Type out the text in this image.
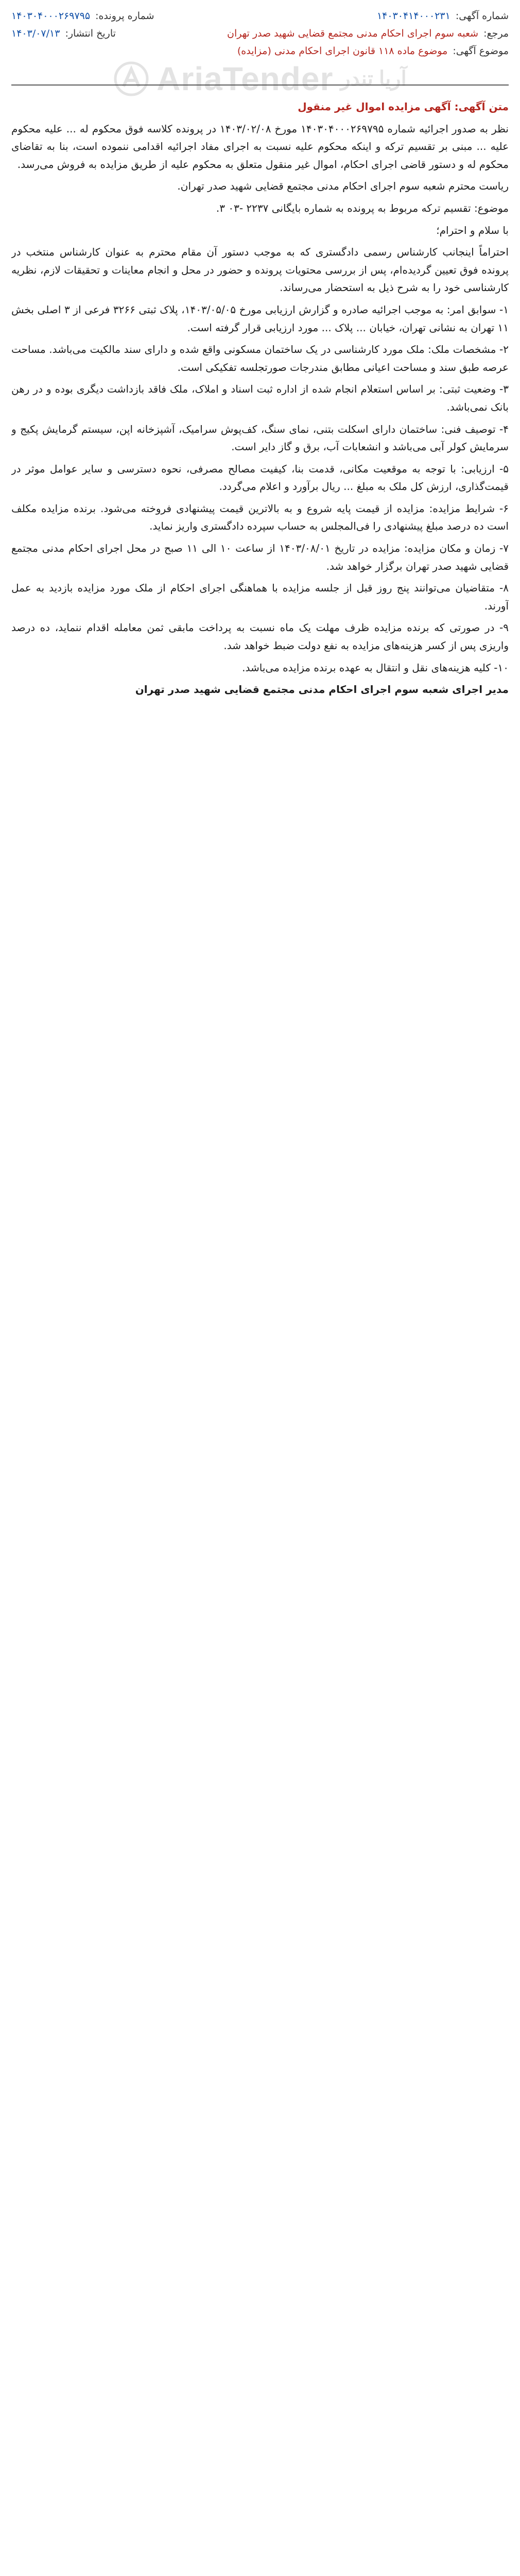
شماره آگهی:
۱۴۰۳۰۴۱۴۰۰۰۲۳۱
شماره پرونده:
۱۴۰۳۰۴۰۰۰۲۶۹۷۹۵
مرجع:
شعبه سوم اجرای احکام مدنی مجتمع قضایی شهید صدر تهران
تاریخ انتشار:
۱۴۰۳/۰۷/۱۳
موضوع آگهی:
موضوع ماده ۱۱۸ قانون اجرای احکام مدنی (مزایده)
AriaTender آریا تندر

متن آگهی: آگهی مزایده اموال غیر منقول

نظر به صدور اجرائیه شماره ۱۴۰۳۰۴۰۰۰۲۶۹۷۹۵ مورخ ۱۴۰۳/۰۲/۰۸ در پرونده کلاسه فوق محکوم له ... علیه محکوم علیه ... مبنی بر تقسیم ترکه و اینکه محکوم علیه نسبت به اجرای مفاد اجرائیه اقدامی ننموده است، بنا به تقاضای محکوم له و دستور قاضی اجرای احکام، اموال غیر منقول متعلق به محکوم علیه از طریق مزایده به فروش می‌رسد.

ریاست محترم شعبه سوم اجرای احکام مدنی مجتمع قضایی شهید صدر تهران.

موضوع: تقسیم ترکه مربوط به پرونده به شماره بایگانی ۲۲۳۷ -۰۳ ۳.

با سلام و احترام؛

احتراماً اینجانب کارشناس رسمی دادگستری که به موجب دستور آن مقام محترم به عنوان کارشناس منتخب در پرونده فوق تعیین گردیده‌ام، پس از بررسی محتویات پرونده و حضور در محل و انجام معاینات و تحقیقات لازم، نظریه کارشناسی خود را به شرح ذیل به استحضار می‌رساند.

۱- سوابق امر: به موجب اجرائیه صادره و گزارش ارزیابی مورخ ۱۴۰۳/۰۵/۰۵، پلاک ثبتی ۳۲۶۶ فرعی از ۳ اصلی بخش ۱۱ تهران به نشانی تهران، خیابان ... پلاک ... مورد ارزیابی قرار گرفته است.

۲- مشخصات ملک: ملک مورد کارشناسی در یک ساختمان مسکونی واقع شده و دارای سند مالکیت می‌باشد. مساحت عرصه طبق سند و مساحت اعیانی مطابق مندرجات صورتجلسه تفکیکی است.

۳- وضعیت ثبتی: بر اساس استعلام انجام شده از اداره ثبت اسناد و املاک، ملک فاقد بازداشت دیگری بوده و در رهن بانک نمی‌باشد.

۴- توصیف فنی: ساختمان دارای اسکلت بتنی، نمای سنگ، کف‌پوش سرامیک، آشپزخانه اپن، سیستم گرمایش پکیج و سرمایش کولر آبی می‌باشد و انشعابات آب، برق و گاز دایر است.

۵- ارزیابی: با توجه به موقعیت مکانی، قدمت بنا، کیفیت مصالح مصرفی، نحوه دسترسی و سایر عوامل موثر در قیمت‌گذاری، ارزش کل ملک به مبلغ ... ریال برآورد و اعلام می‌گردد.

۶- شرایط مزایده: مزایده از قیمت پایه شروع و به بالاترین قیمت پیشنهادی فروخته می‌شود. برنده مزایده مکلف است ده درصد مبلغ پیشنهادی را فی‌المجلس به حساب سپرده دادگستری واریز نماید.

۷- زمان و مکان مزایده: مزایده در تاریخ ۱۴۰۳/۰۸/۰۱ از ساعت ۱۰ الی ۱۱ صبح در محل اجرای احکام مدنی مجتمع قضایی شهید صدر تهران برگزار خواهد شد.

۸- متقاضیان می‌توانند پنج روز قبل از جلسه مزایده با هماهنگی اجرای احکام از ملک مورد مزایده بازدید به عمل آورند.

۹- در صورتی که برنده مزایده ظرف مهلت یک ماه نسبت به پرداخت مابقی ثمن معامله اقدام ننماید، ده درصد واریزی پس از کسر هزینه‌های مزایده به نفع دولت ضبط خواهد شد.

۱۰- کلیه هزینه‌های نقل و انتقال به عهده برنده مزایده می‌باشد.

مدیر اجرای شعبه سوم اجرای احکام مدنی مجتمع قضایی شهید صدر تهران
